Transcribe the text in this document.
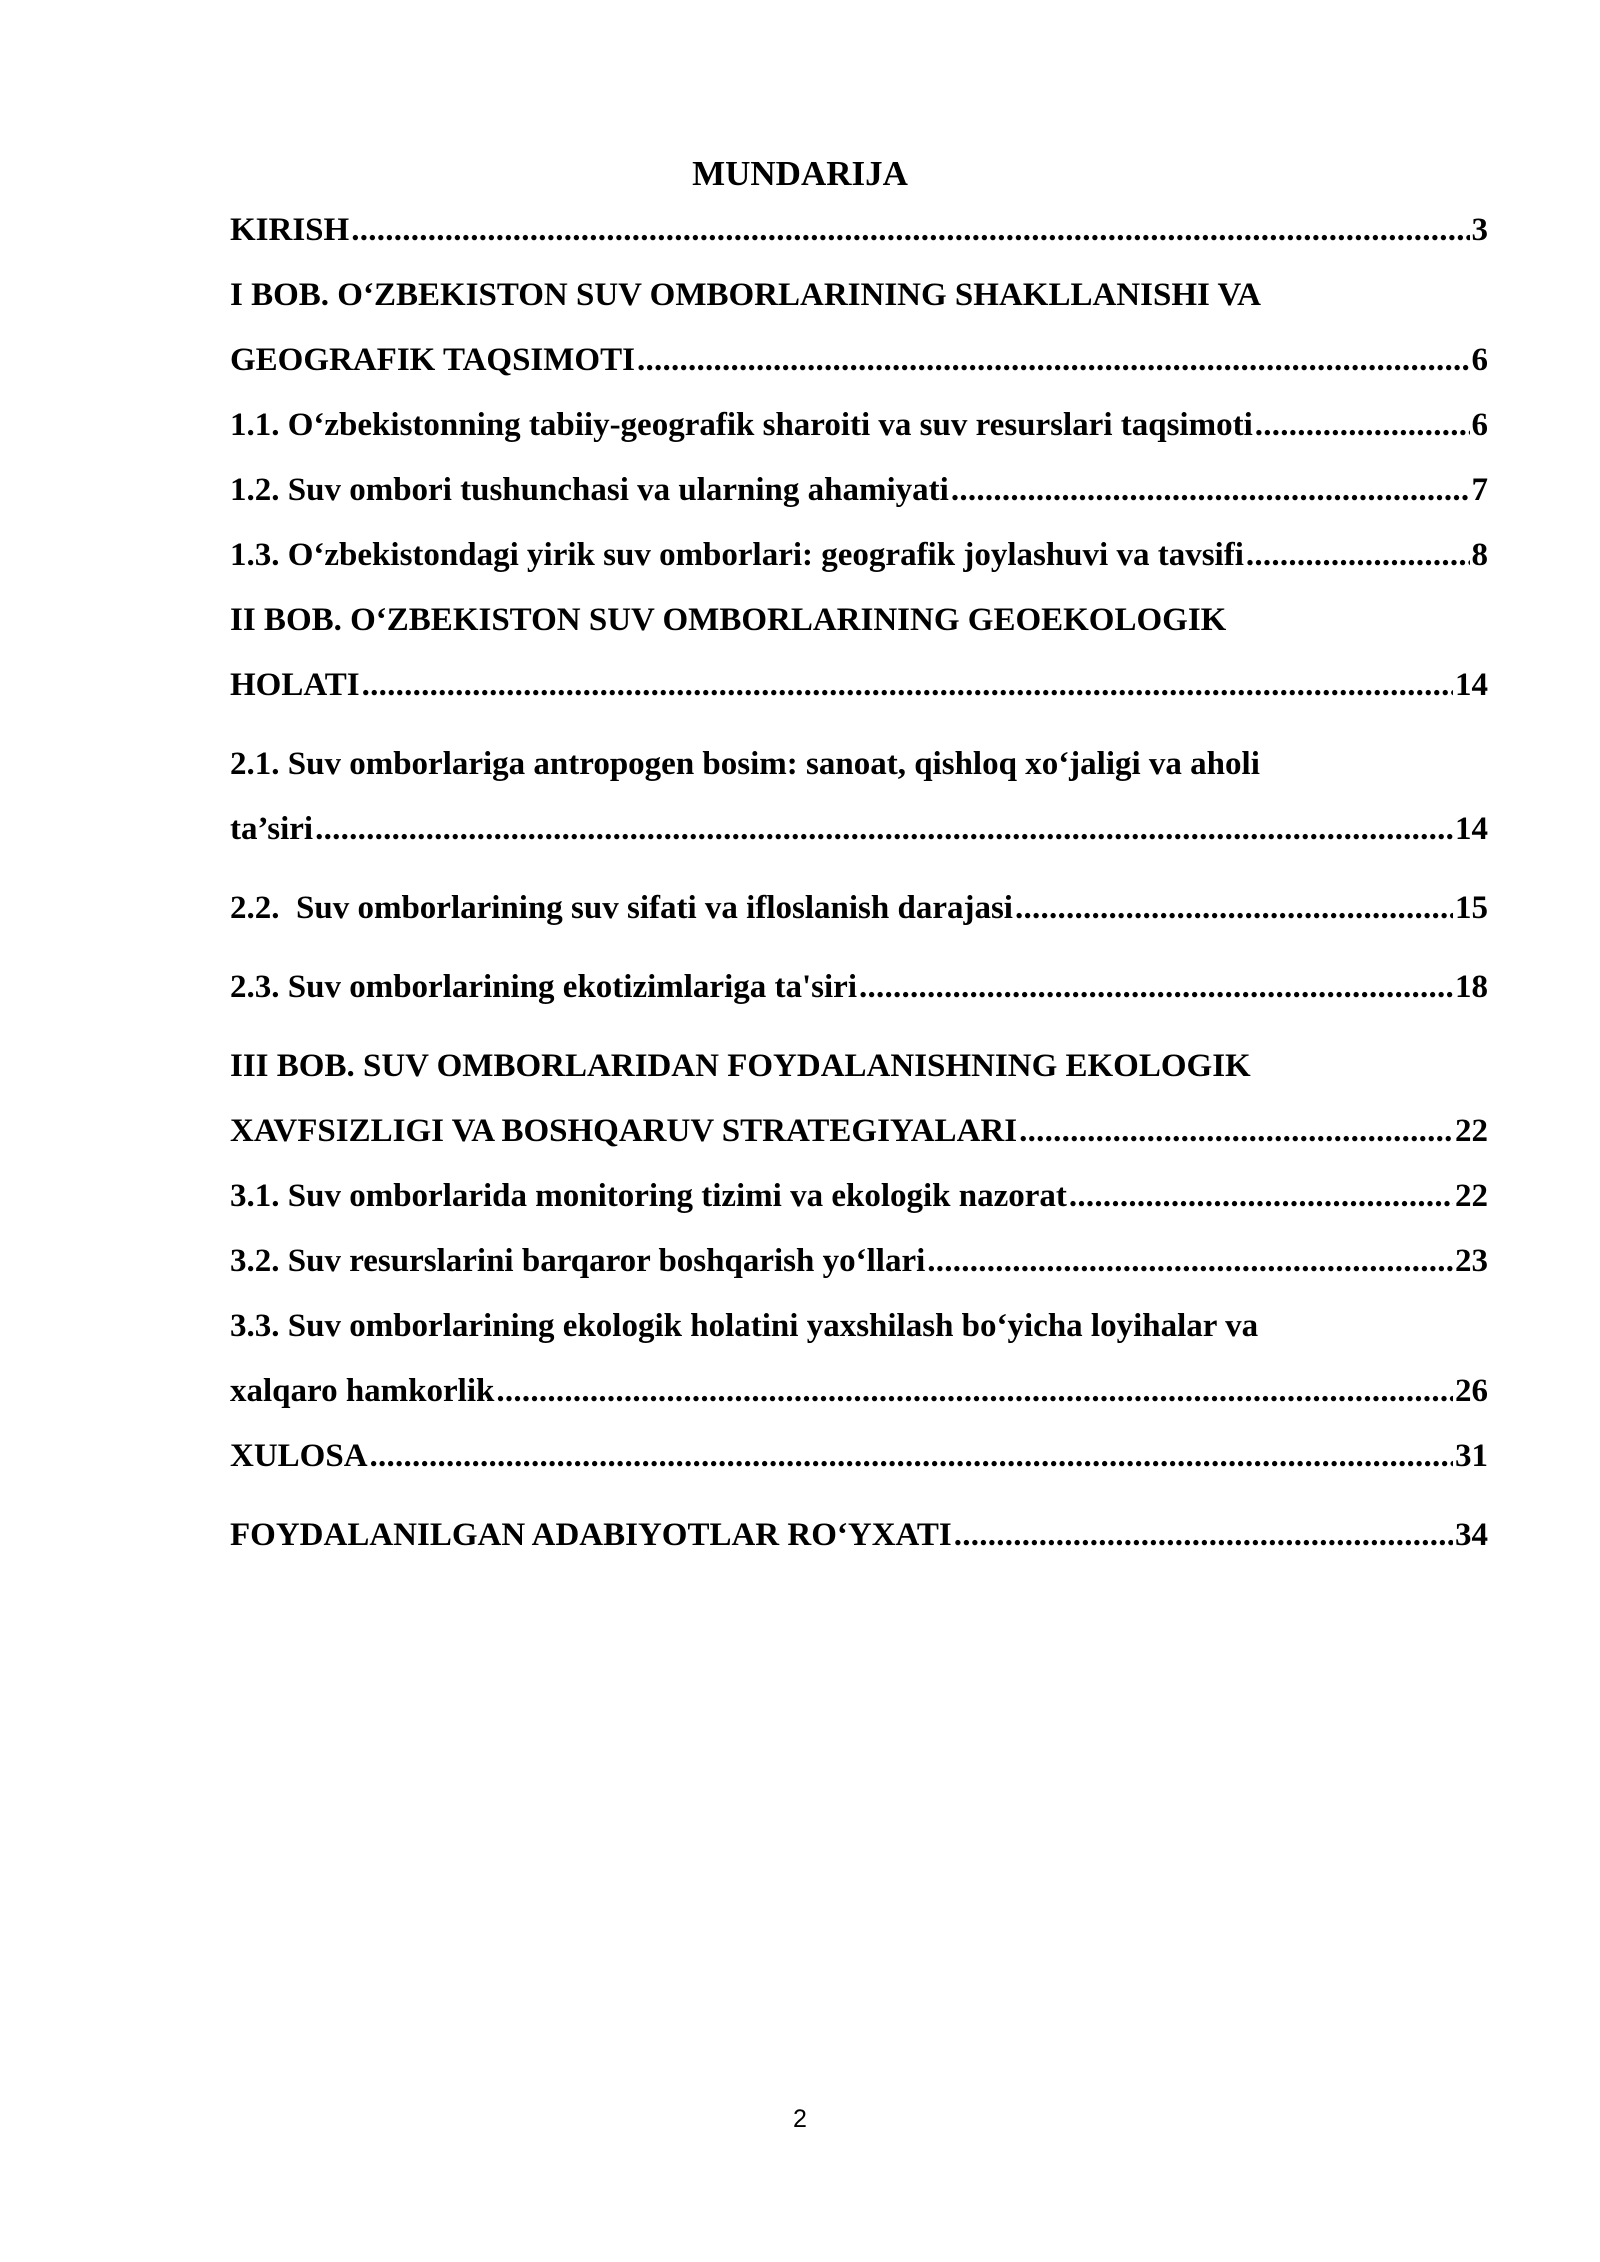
MUNDARIJA
KIRISH . . .	3
I BOB. O‘ZBEKISTON SUV OMBORLARINING SHAKLLANISHI VA
GEOGRAFIK TAQSIMOTI . . .	6
1.1. O‘zbekistonning tabiiy-geografik sharoiti va suv resurslari taqsimoti . . .	6
1.2. Suv ombori tushunchasi va ularning ahamiyati . . .	7
1.3. O‘zbekistondagi yirik suv omborlari: geografik joylashuvi va tavsifi . . .	8
II BOB. O‘ZBEKISTON SUV OMBORLARINING GEOEKOLOGIK
HOLATI . . .	14
2.1. Suv omborlariga antropogen bosim: sanoat, qishloq xo‘jaligi va aholi
ta’siri . . .	14
2.2.  Suv omborlarining suv sifati va ifloslanish darajasi . . .	15
2.3. Suv omborlarining ekotizimlariga ta'siri . . .	18
III BOB. SUV OMBORLARIDAN FOYDALANISHNING EKOLOGIK
XAVFSIZLIGI VA BOSHQARUV STRATEGIYALARI . . .	22
3.1. Suv omborlarida monitoring tizimi va ekologik nazorat . . .	22
3.2. Suv resurslarini barqaror boshqarish yo‘llari . . .	23
3.3. Suv omborlarining ekologik holatini yaxshilash bo‘yicha loyihalar va
xalqaro hamkorlik . . .	26
XULOSA . . .	31
FOYDALANILGAN ADABIYOTLAR RO‘YXATI . . .	34
2
